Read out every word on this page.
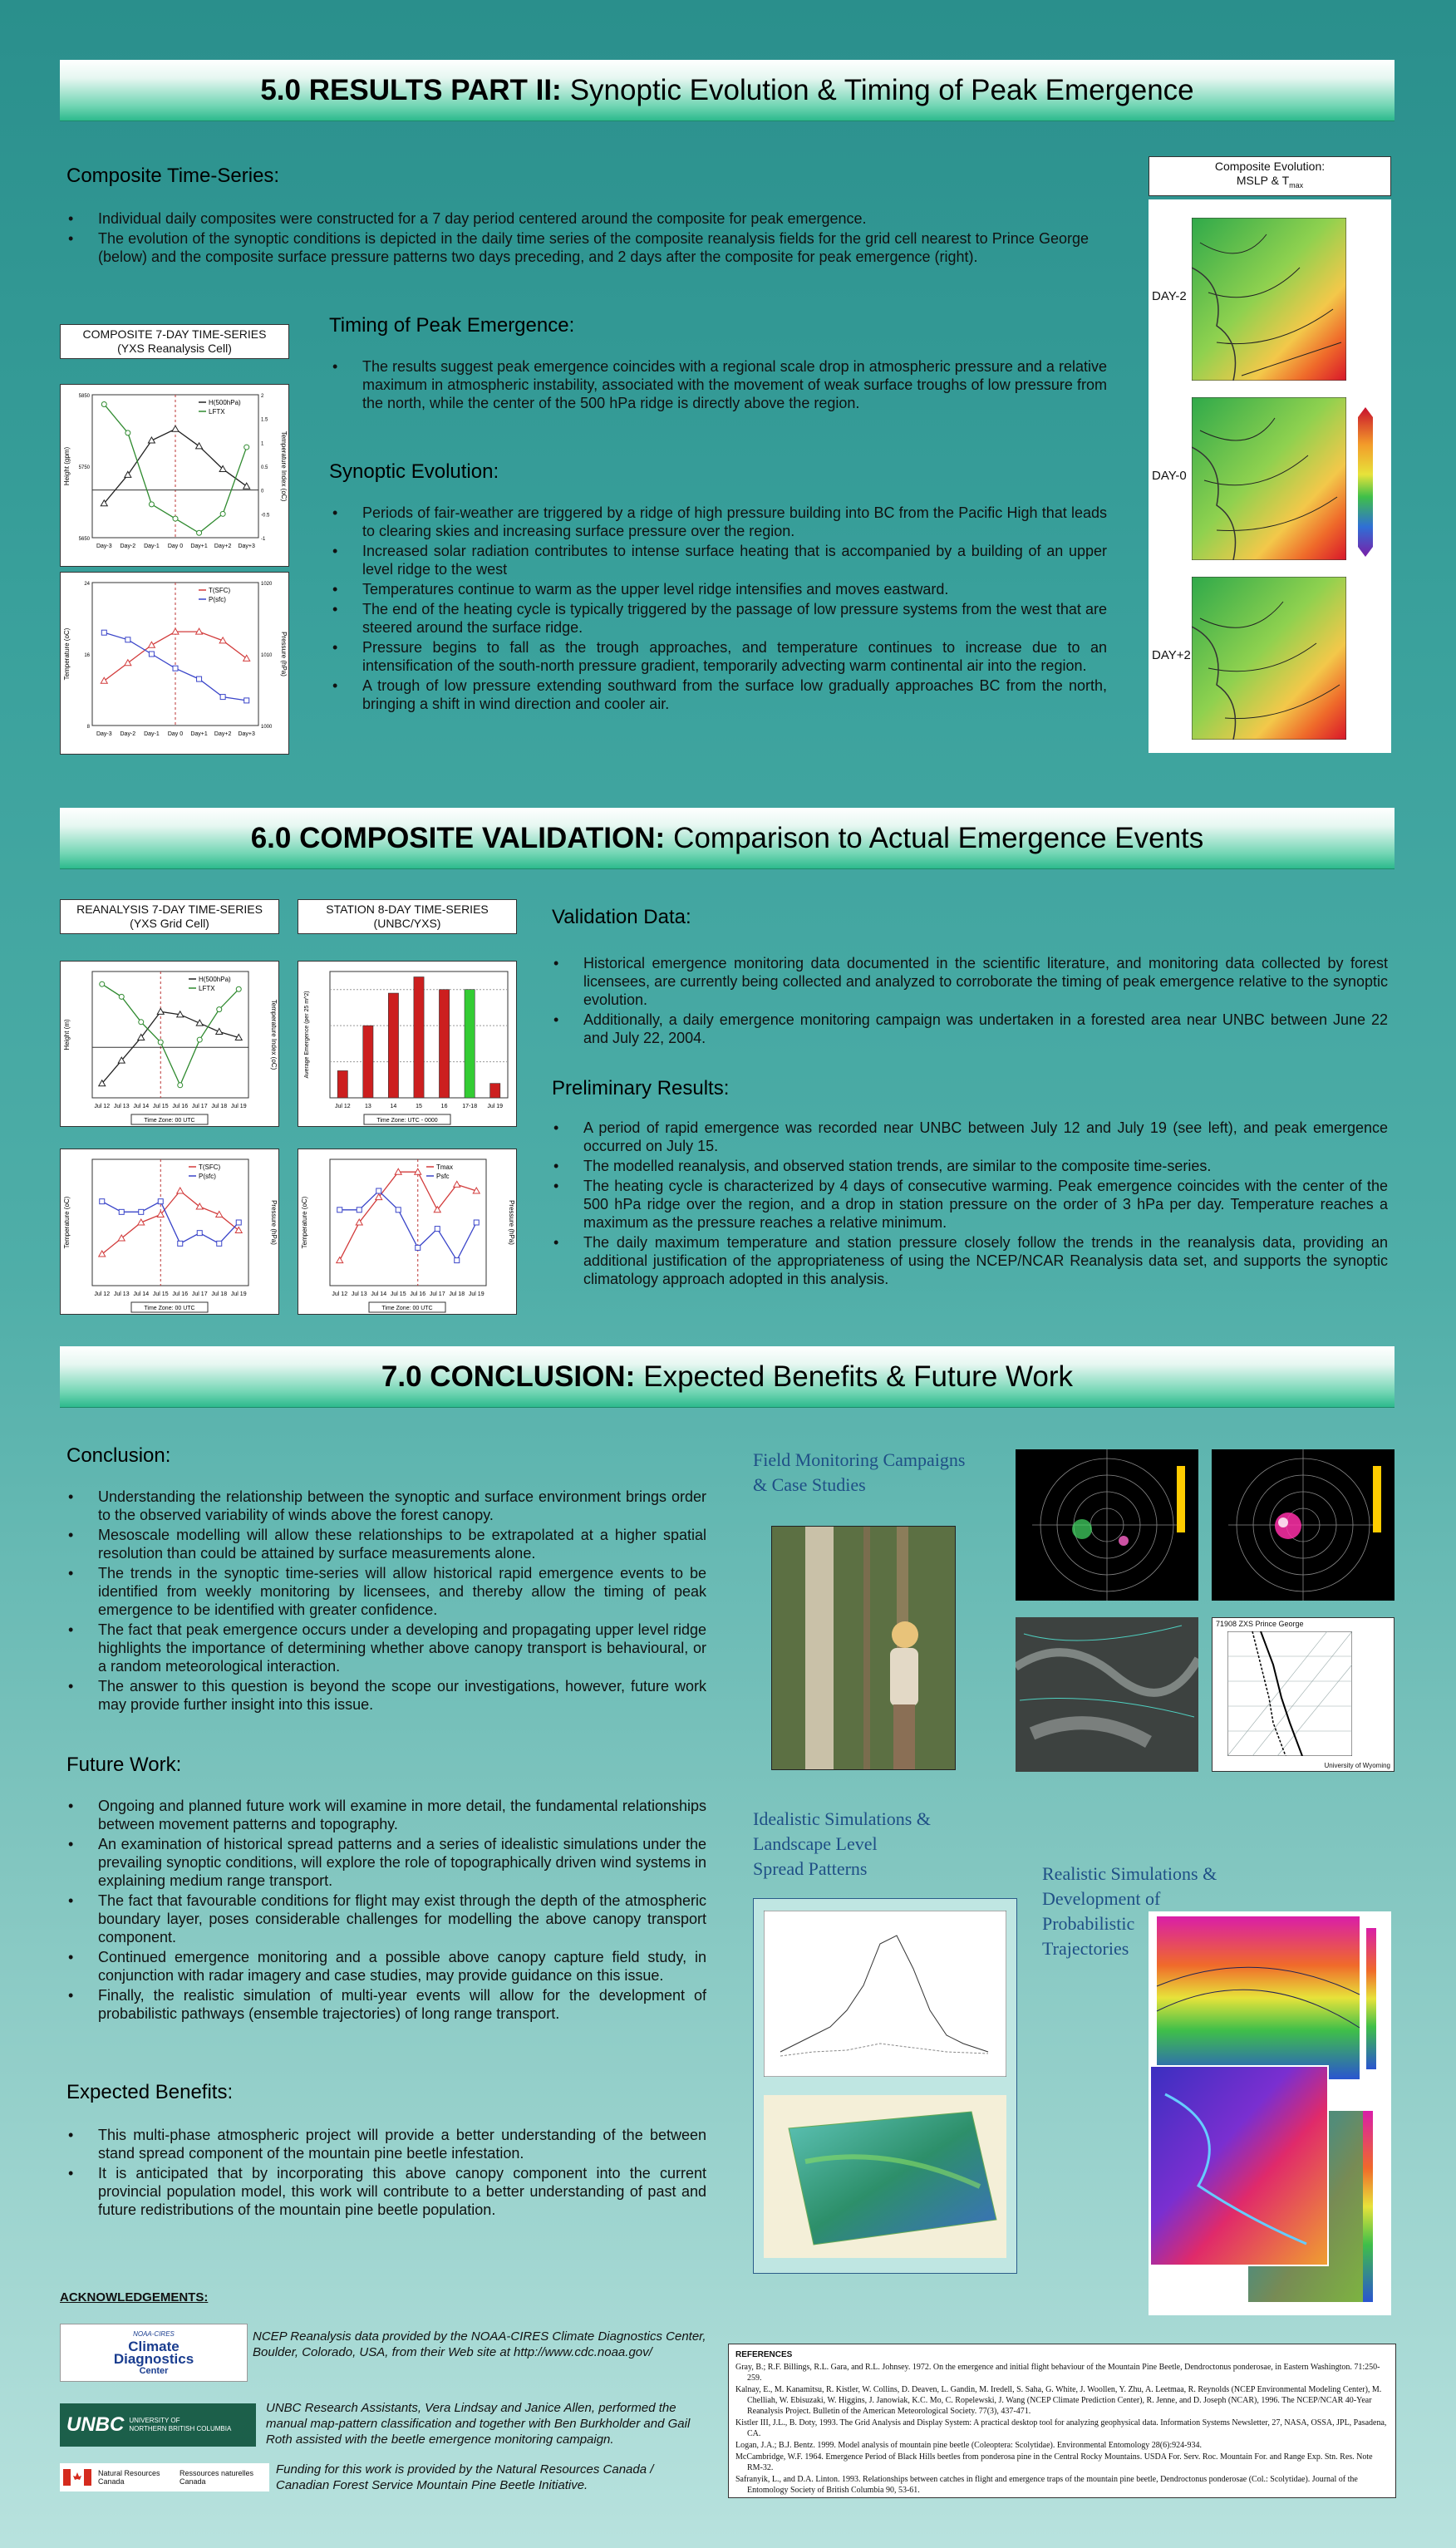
5.0 RESULTS PART II: Synoptic Evolution & Timing of Peak Emergence
Composite Time-Series:
• Individual daily composites were constructed for a 7 day period centered around the composite for peak emergence.
• The evolution of the synoptic conditions is depicted in the daily time series of the composite reanalysis fields for the grid cell nearest to Prince George (below) and the composite surface pressure patterns two days preceding, and 2 days after the composite for peak emergence (right).
COMPOSITE 7-DAY TIME-SERIES
(YXS Reanalysis Cell)
Day-3 Day-2 Day-1 Day 0 Day+1 Day+2 Day+3
H(500hPa)
LFTX
5850
5750
5650
2
1.5
1
0.5
0
-0.5
-1
Height (gpm)	Temperature Index (oC)
Day-3 Day-2 Day-1 Day 0 Day+1 Day+2 Day+3
T(SFC)
P(sfc)
24
16
8
1020
1010
1000
Temperature (oC)	Pressure (hPa)
Timing of Peak Emergence:
• The results suggest peak emergence coincides with a regional scale drop in atmospheric pressure and a relative maximum in atmospheric instability, associated with the movement of weak surface troughs of low pressure from the north, while the center of the 500 hPa ridge is directly above the region.
Synoptic Evolution:
• Periods of fair-weather are triggered by a ridge of high pressure building into BC from the Pacific High that leads to clearing skies and increasing surface pressure over the region.
• Increased solar radiation contributes to intense surface heating that is accompanied by a building of an upper level ridge to the west
• Temperatures continue to warm as the upper level ridge intensifies and moves eastward.
• The end of the heating cycle is typically triggered by the passage of low pressure systems from the west that are steered around the surface ridge.
• Pressure begins to fall as the trough approaches, and temperature continues to increase due to an intensification of the south-north pressure gradient, temporarily advecting warm continental air into the region.
• A trough of low pressure extending southward from the surface low gradually approaches BC from the north, bringing a shift in wind direction and cooler air.
Composite Evolution:
MSLP & $T_{max}$
DAY-2
DAY-0
DAY+2
6.0 COMPOSITE VALIDATION: Comparison to Actual Emergence Events
REANALYSIS 7-DAY TIME-SERIES
(YXS Grid Cell)
STATION 8-DAY TIME-SERIES
(UNBC/YXS)
Jul 12 Jul 13 Jul 14 Jul 15 Jul 16 Jul 17 Jul 18 Jul 19
H(500hPa)
LFTX
Height (m)	Temperature Index (oC)
Time Zone: 00 UTC
Jul 12 13	14	15	16	17-18 Jul 19
Average Emergence (per 25 m^2)
Time Zone: UTC - 0000
Jul 12 Jul 13 Jul 14 Jul 15 Jul 16 Jul 17 Jul 18 Jul 19
T(SFC)
P(sfc)
Temperature (oC)	Pressure (hPa)
Time Zone: 00 UTC
Jul 12 Jul 13 Jul 14 Jul 15 Jul 16 Jul 17 Jul 18 Jul 19
Tmax
Psfc
Temperature (oC)	Pressure (hPa)
Time Zone: 00 UTC
Validation Data:
• Historical emergence monitoring data documented in the scientific literature, and monitoring data collected by forest licensees, are currently being collected and analyzed to corroborate the timing of peak emergence relative to the synoptic evolution.
• Additionally, a daily emergence monitoring campaign was undertaken in a forested area near UNBC between June 22 and July 22, 2004.
Preliminary Results:
• A period of rapid emergence was recorded near UNBC between July 12 and July 19 (see left), and peak emergence occurred on July 15.
• The modelled reanalysis, and observed station trends, are similar to the composite time-series.
• The heating cycle is characterized by 4 days of consecutive warming. Peak emergence coincides with the center of the 500 hPa ridge over the region, and a drop in station pressure on the order of 3 hPa per day. Temperature reaches a maximum as the pressure reaches a relative minimum.
• The daily maximum temperature and station pressure closely follow the trends in the reanalysis data, providing an additional justification of the appropriateness of using the NCEP/NCAR Reanalysis data set, and supports the synoptic climatology approach adopted in this analysis.
7.0 CONCLUSION: Expected Benefits & Future Work
Conclusion:
• Understanding the relationship between the synoptic and surface environment brings order to the observed variability of winds above the forest canopy.
• Mesoscale modelling will allow these relationships to be extrapolated at a higher spatial resolution than could be attained by surface measurements alone.
• The trends in the synoptic time-series will allow historical rapid emergence events to be identified from weekly monitoring by licensees, and thereby allow the timing of peak emergence to be identified with greater confidence.
• The fact that peak emergence occurs under a developing and propagating upper level ridge highlights the importance of determining whether above canopy transport is behavioural, or a random meteorological interaction.
• The answer to this question is beyond the scope our investigations, however, future work may provide further insight into this issue.
Future Work:
• Ongoing and planned future work will examine in more detail, the fundamental relationships between movement patterns and topography.
• An examination of historical spread patterns and a series of idealistic simulations under the prevailing synoptic conditions, will explore the role of topographically driven wind systems in explaining medium range transport.
• The fact that favourable conditions for flight may exist through the depth of the atmospheric boundary layer, poses considerable challenges for modelling the above canopy transport component.
• Continued emergence monitoring and a possible above canopy capture field study, in conjunction with radar imagery and case studies, may provide guidance on this issue.
• Finally, the realistic simulation of multi-year events will allow for the development of probabilistic pathways (ensemble trajectories) of long range transport.
Expected Benefits:
• This multi-phase atmospheric project will provide a better understanding of the between stand spread component of the mountain pine beetle infestation.
• It is anticipated that by incorporating this above canopy component into the current provincial population model, this work will contribute to a better understanding of past and future redistributions of the mountain pine beetle population.
Field Monitoring Campaigns
& Case Studies
71908 ZXS Prince George
University of Wyoming
Idealistic Simulations &
Landscape Level
Spread Patterns	Realistic Simulations &
Development of
Probabilistic
Trajectories
ACKNOWLEDGEMENTS:
NOAA-CIRES
Climate
Diagnostics
Center
NCEP Reanalysis data provided by the NOAA-CIRES Climate Diagnostics Center, Boulder, Colorado, USA, from their Web site at http://www.cdc.noaa.gov/
UNBC UNIVERSITY OF
NORTHERN BRITISH COLUMBIA
UNBC Research Assistants, Vera Lindsay and Janice Allen, performed the manual map-pattern classification and together with Ben Burkholder and Gail Roth assisted with the beetle emergence monitoring campaign.
Natural Resources
Canada
Ressources naturelles
Canada
Funding for this work is provided by the Natural Resources Canada / Canadian Forest Service Mountain Pine Beetle Initiative.
REFERENCES

Gray, B.; R.F. Billings, R.L. Gara, and R.L. Johnsey. 1972. On the emergence and initial flight behaviour of the Mountain Pine Beetle, Dendroctonus ponderosae, in Eastern Washington. 71:250-259.

Kalnay, E., M. Kanamitsu, R. Kistler, W. Collins, D. Deaven, L. Gandin, M. Iredell, S. Saha, G. White, J. Woollen, Y. Zhu, A. Leetmaa, R. Reynolds (NCEP Environmental Modeling Center), M. Chelliah, W. Ebisuzaki, W. Higgins, J. Janowiak, K.C. Mo, C. Ropelewski, J. Wang (NCEP Climate Prediction Center), R. Jenne, and D. Joseph (NCAR), 1996. The NCEP/NCAR 40-Year Reanalysis Project. Bulletin of the American Meteorological Society. 77(3), 437-471.

Kistler III, J.L., B. Doty, 1993. The Grid Analysis and Display System: A practical desktop tool for analyzing geophysical data. Information Systems Newsletter, 27, NASA, OSSA, JPL, Pasadena, CA.

Logan, J.A.; B.J. Bentz. 1999. Model analysis of mountain pine beetle (Coleoptera: Scolytidae). Environmental Entomology 28(6):924-934.

McCambridge, W.F. 1964. Emergence Period of Black Hills beetles from ponderosa pine in the Central Rocky Mountains. USDA For. Serv. Roc. Mountain For. and Range Exp. Stn. Res. Note RM-32.

Safranyik, L., and D.A. Linton. 1993. Relationships between catches in flight and emergence traps of the mountain pine beetle, Dendroctonus ponderosae (Col.: Scolytidae). Journal of the Entomology Society of British Columbia 90, 53-61.
